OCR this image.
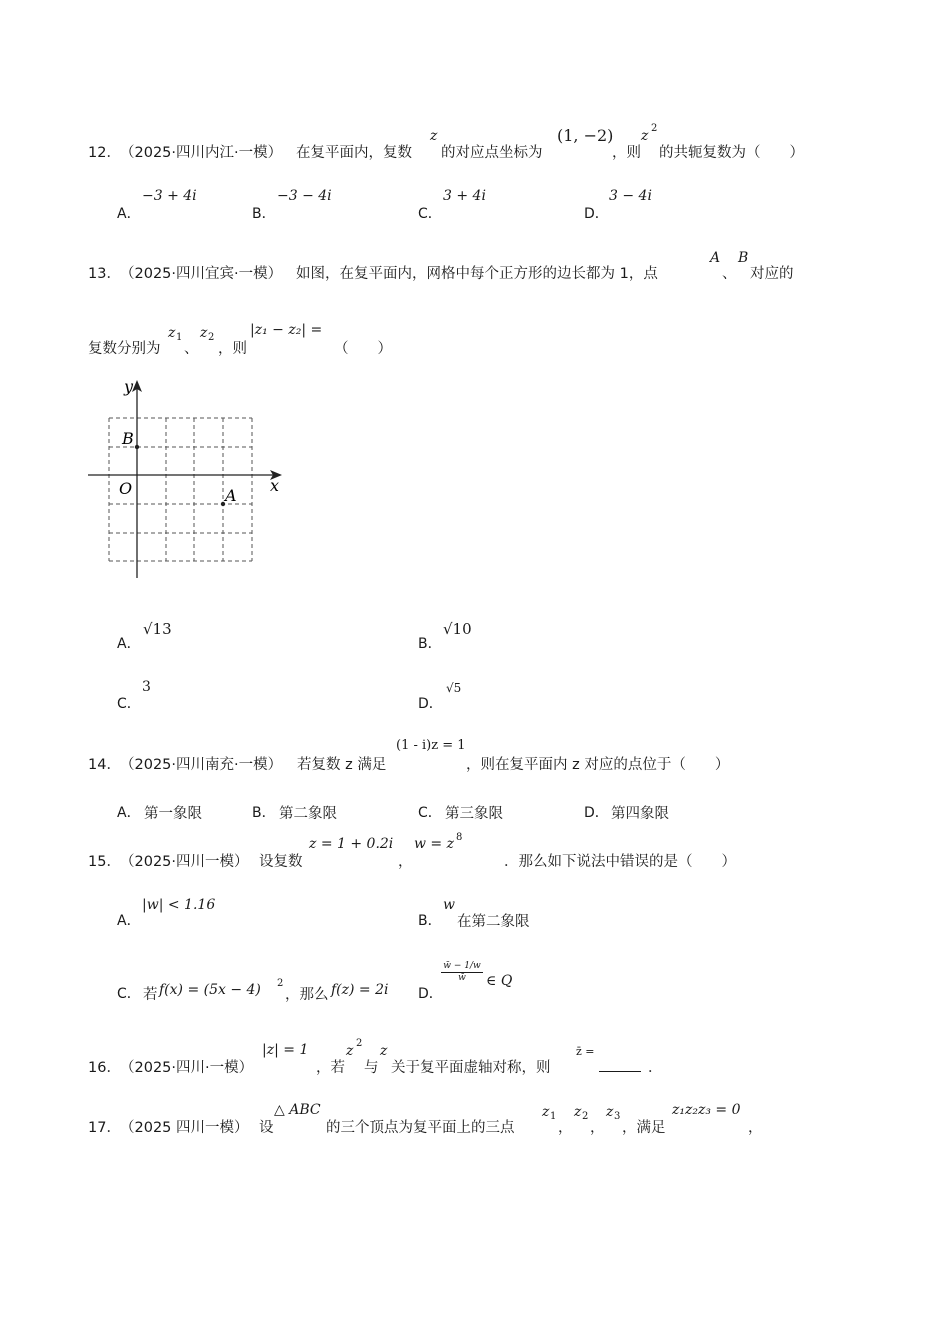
12． （2025·四川内江·一模） 在复平面内，复数
z
的对应点坐标为
(1, −2)
，则
z 2
的共轭复数为（　　）
A．
−3 + 4i
B．
−3 − 4i
C．
3 + 4i
D．
3 − 4i
13． （2025·四川宜宾·一模） 如图，在复平面内，网格中每个正方形的边长都为 1，点
A
、
B
对应的
复数分别为
z 1
、
z 2
，则
|z₁ − z₂| =
（　　）
y
x
O	A
B
A．
√13
B．
√10
C．
3
D．
√5
14． （2025·四川南充·一模） 若复数 z 满足
(1 - i)z = 1
，则在复平面内 z 对应的点位于（　　）
A． 第一象限	B． 第二象限	C． 第三象限	D． 第四象限
15． （2025·四川一模） 设复数
z = 1 + 0.2i
，
w = z 8
．那么如下说法中错误的是（　　）
A．
|w| < 1.16
B．
w
在第二象限
C． 若 f(x) = (5x − 4) 2
，那么 f(z) = 2i D．
$\frac{w̄ - 1/w}{w̄}$ ∈ Q
16． （2025·四川·一模）
|z| = 1
，若
z 2
与
z
关于复平面虚轴对称，则
z̄ =
．
17． （2025 四川一模） 设
△ ABC
的三个顶点为复平面上的三点
z 1
，
z 2
，
z 3
，满足
z₁z₂z₃ = 0
，
